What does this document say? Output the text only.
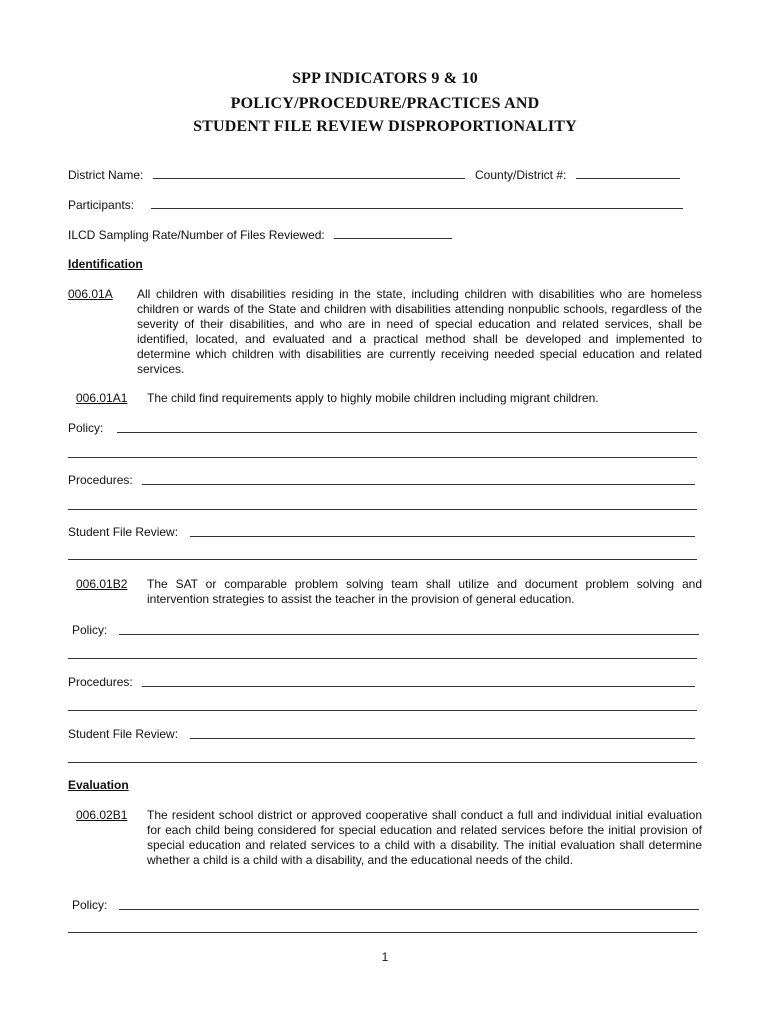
SPP INDICATORS 9 & 10
POLICY/PROCEDURE/PRACTICES AND
STUDENT FILE REVIEW DISPROPORTIONALITY
District Name:	County/District #:
Participants:
ILCD Sampling Rate/Number of Files Reviewed:
Identification
006.01A All children with disabilities residing in the state, including children with disabilities who are homeless children or wards of the State and children with disabilities attending nonpublic schools, regardless of the severity of their disabilities, and who are in need of special education and related services, shall be identified, located, and evaluated and a practical method shall be developed and implemented to determine which children with disabilities are currently receiving needed special education and related services.
006.01A1 The child find requirements apply to highly mobile children including migrant children.
Policy:
Procedures:
Student File Review:
006.01B2 The SAT or comparable problem solving team shall utilize and document problem solving and intervention strategies to assist the teacher in the provision of general education.
Policy:
Procedures:
Student File Review:
Evaluation
006.02B1 The resident school district or approved cooperative shall conduct a full and individual initial evaluation for each child being considered for special education and related services before the initial provision of special education and related services to a child with a disability. The initial evaluation shall determine whether a child is a child with a disability, and the educational needs of the child.
Policy:
1
